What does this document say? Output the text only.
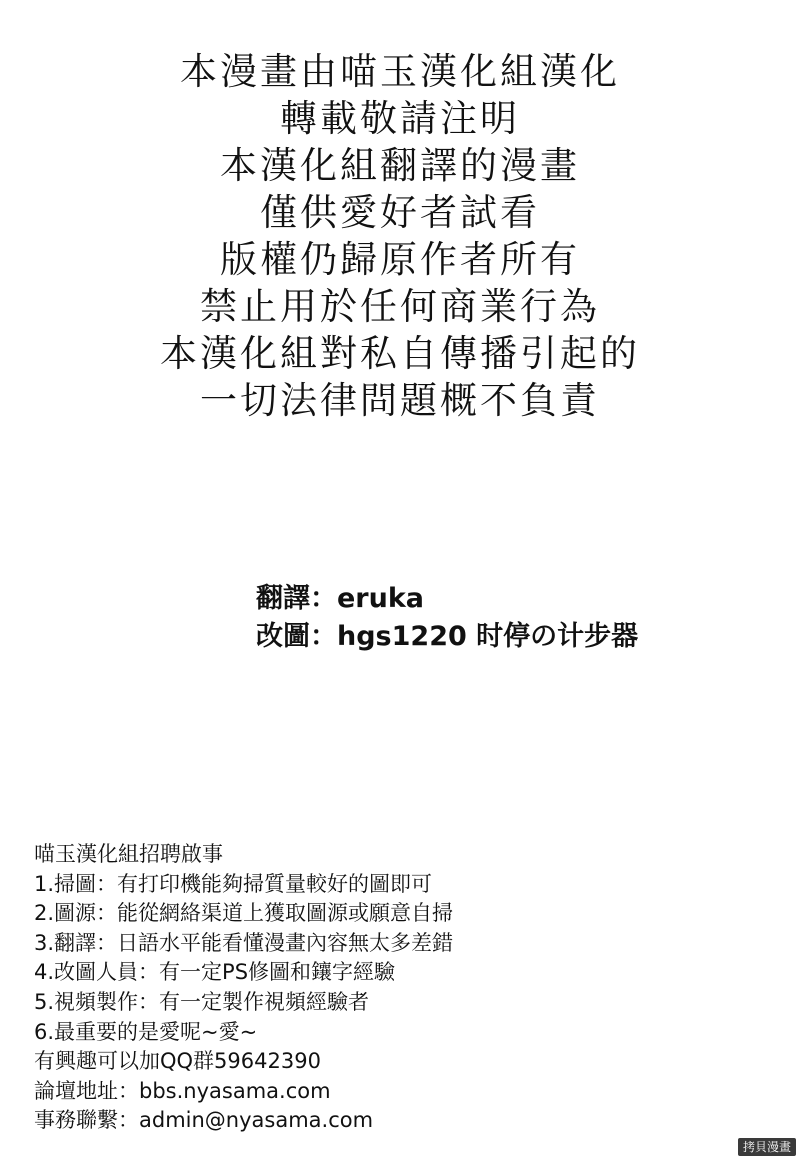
本漫畫由喵玉漢化組漢化
轉載敬請注明
本漢化組翻譯的漫畫
僅供愛好者試看
版權仍歸原作者所有
禁止用於任何商業行為
本漢化組對私自傳播引起的
一切法律問題概不負責
翻譯：eruka
改圖：hgs1220 时停の计步器
喵玉漢化組招聘啟事
1.掃圖：有打印機能夠掃質量較好的圖即可
2.圖源：能從網絡渠道上獲取圖源或願意自掃
3.翻譯：日語水平能看懂漫畫內容無太多差錯
4.改圖人員：有一定PS修圖和鑲字經驗
5.視頻製作：有一定製作視頻經驗者
6.最重要的是愛呢~愛~
有興趣可以加QQ群59642390
論壇地址：bbs.nyasama.com
事務聯繫：admin@nyasama.com
拷貝漫畫
